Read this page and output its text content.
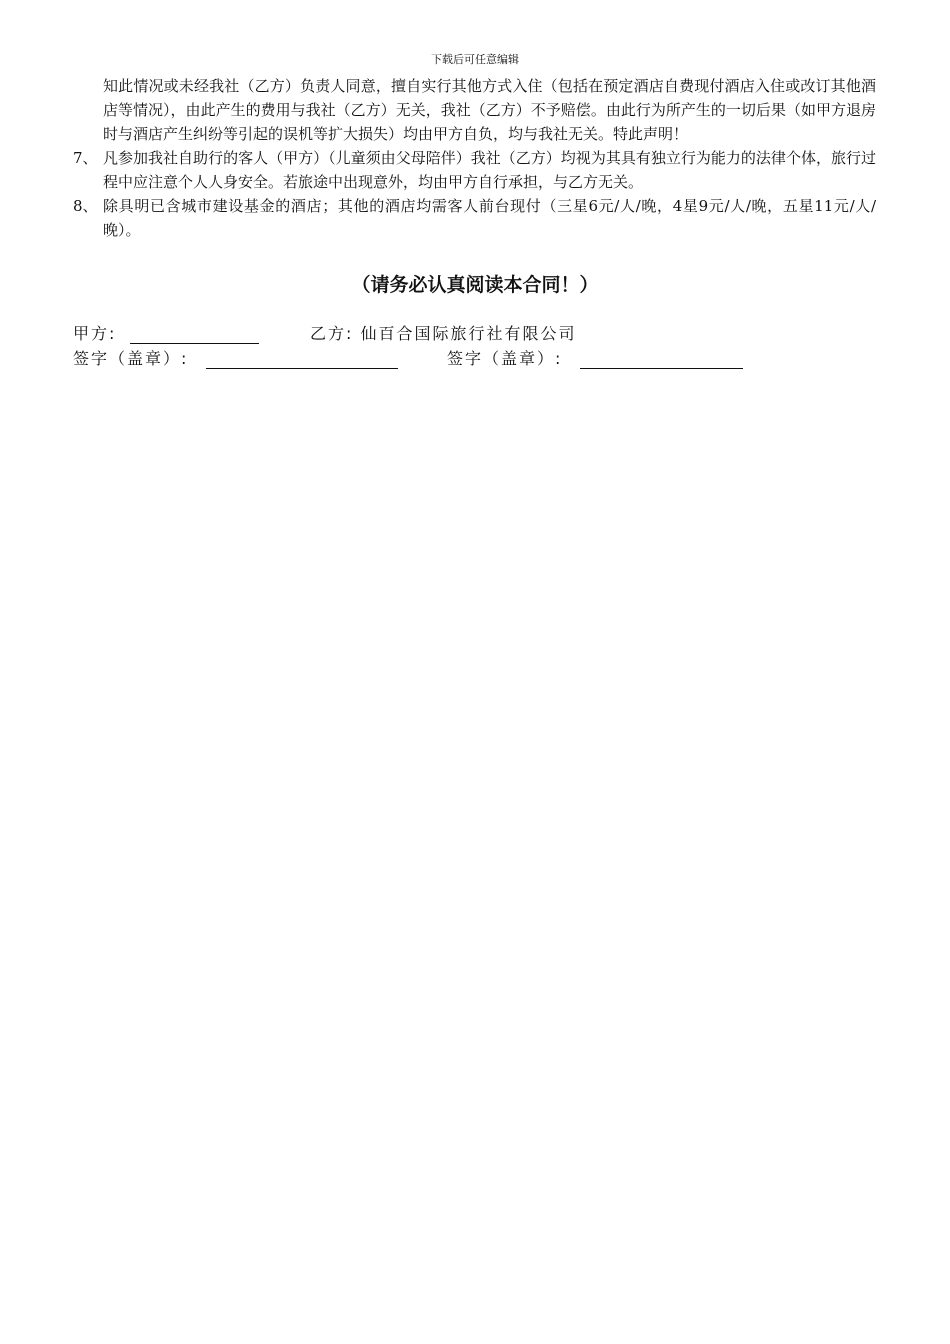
下载后可任意编辑
知此情况或未经我社（乙方）负责人同意，擅自实行其他方式入住（包括在预定酒店自费现付酒店入住或改订其他酒店等情况），由此产生的费用与我社（乙方）无关，我社（乙方）不予赔偿。由此行为所产生的一切后果（如甲方退房时与酒店产生纠纷等引起的误机等扩大损失）均由甲方自负，均与我社无关。特此声明！
7、 凡参加我社自助行的客人（甲方）（儿童须由父母陪伴）我社（乙方）均视为其具有独立行为能力的法律个体，旅行过程中应注意个人人身安全。若旅途中出现意外，均由甲方自行承担，与乙方无关。
8、 除具明已含城市建设基金的酒店；其他的酒店均需客人前台现付（三星6元/人/晚，4星9元/人/晚，五星11元/人/晚）。
（请务必认真阅读本合同！）
甲方:	乙方: 仙百合国际旅行社有限公司
签字（盖章）:	签字（盖章）:
